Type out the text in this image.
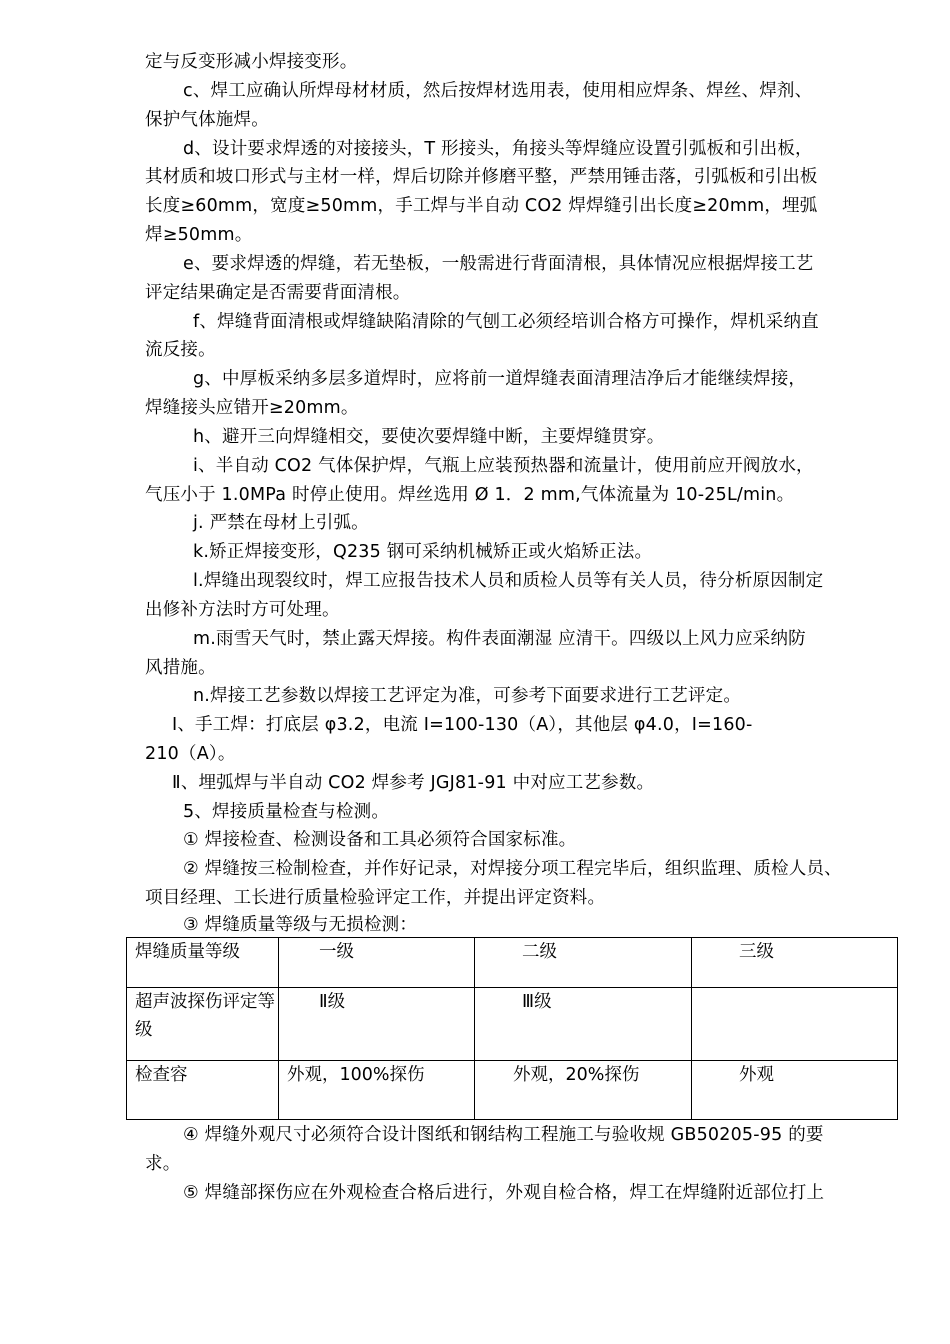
定与反变形减小焊接变形。
c、焊工应确认所焊母材材质，然后按焊材选用表，使用相应焊条、焊丝、焊剂、
保护气体施焊。
d、设计要求焊透的对接接头，T 形接头，角接头等焊缝应设置引弧板和引出板，
其材质和坡口形式与主材一样，焊后切除并修磨平整，严禁用锤击落，引弧板和引出板
长度≥60mm，宽度≥50mm，手工焊与半自动 CO2 焊焊缝引出长度≥20mm，埋弧
焊≥50mm。
e、要求焊透的焊缝，若无垫板，一般需进行背面清根，具体情况应根据焊接工艺
评定结果确定是否需要背面清根。
f、焊缝背面清根或焊缝缺陷清除的气刨工必须经培训合格方可操作，焊机采纳直
流反接。
g、中厚板采纳多层多道焊时，应将前一道焊缝表面清理洁净后才能继续焊接，
焊缝接头应错开≥20mm。
h、避开三向焊缝相交，要使次要焊缝中断，主要焊缝贯穿。
i、半自动 CO2 气体保护焊，气瓶上应装预热器和流量计，使用前应开阀放水，
气压小于 1.0MPa 时停止使用。焊丝选用 Ø 1．2 mm,气体流量为 10-25L/min。
j. 严禁在母材上引弧。
k.矫正焊接变形，Q235 钢可采纳机械矫正或火焰矫正法。
l.焊缝出现裂纹时，焊工应报告技术人员和质检人员等有关人员，待分析原因制定
出修补方法时方可处理。
m.雨雪天气时，禁止露天焊接。构件表面潮湿 应清干。四级以上风力应采纳防
风措施。
n.焊接工艺参数以焊接工艺评定为准，可参考下面要求进行工艺评定。
Ⅰ、手工焊：打底层 φ3.2，电流 I=100-130（A），其他层 φ4.0，I=160-
210（A）。
Ⅱ、埋弧焊与半自动 CO2 焊参考 JGJ81-91 中对应工艺参数。
5、焊接质量检查与检测。
① 焊接检查、检测设备和工具必须符合国家标准。
② 焊缝按三检制检查，并作好记录，对焊接分项工程完毕后，组织监理、质检人员、
项目经理、工长进行质量检验评定工作，并提出评定资料。
③ 焊缝质量等级与无损检测：
焊缝质量等级	一级	二级	三级
超声波探伤评定等级	Ⅱ级	Ⅲ级	
检查容	外观，100%探伤	外观，20%探伤	外观
④ 焊缝外观尺寸必须符合设计图纸和钢结构工程施工与验收规 GB50205-95 的要
求。
⑤ 焊缝部探伤应在外观检查合格后进行，外观自检合格，焊工在焊缝附近部位打上
